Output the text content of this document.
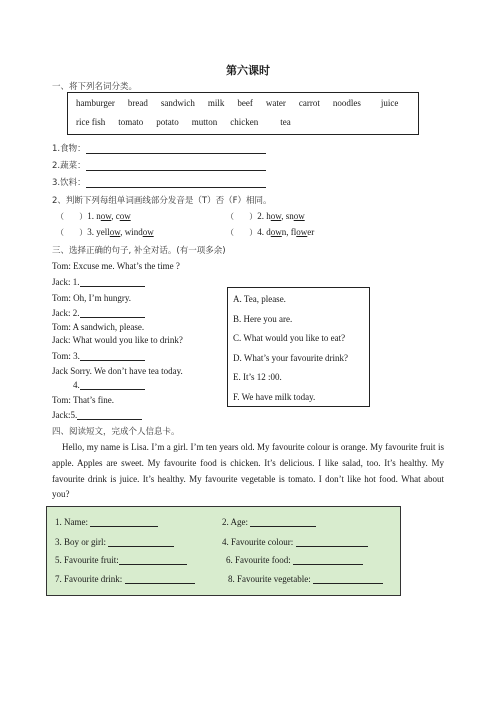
第六课时
一、将下列名词分类。
hamburger bread sandwich milk beef water carrot noodles juice
rice fish tomato potato mutton chicken tea
1.食物：
2.蔬菜：
3.饮料：
2、判断下列每组单词画线部分发音是（T）否（F）相同。
（      ）1. now, cow	（      ）2. how, snow
（      ）3. yellow, window	（      ）4. down, flower
三、选择正确的句子, 补全对话。(有一项多余)
Tom: Excuse me. What’s the time ?
Jack: 1.
Tom: Oh, I’m hungry.
Jack: 2.
Tom: A sandwich, please.
Jack: What would you like to drink?
Tom: 3.
Jack Sorry. We don’t have tea today.
4.
Tom: That’s fine.
Jack:5.
A. Tea, please.
B. Here you are.
C. What would you like to eat?
D. What’s your favourite drink?
E. It’s 12 :00.
F. We have milk today.
四、阅读短文，完成个人信息卡。
Hello, my name is Lisa. I’m a girl. I’m ten years old. My favourite colour is orange. My favourite fruit is apple. Apples are sweet. My favourite food is chicken. It’s delicious. I like salad, too. It’s healthy. My favourite drink is juice. It’s healthy. My favourite vegetable is tomato. I don’t like hot food. What about you?
1. Name:	2. Age:
3. Boy or girl:	4. Favourite colour:
5. Favourite fruit:	6. Favourite food:
7. Favourite drink:	8. Favourite vegetable:
